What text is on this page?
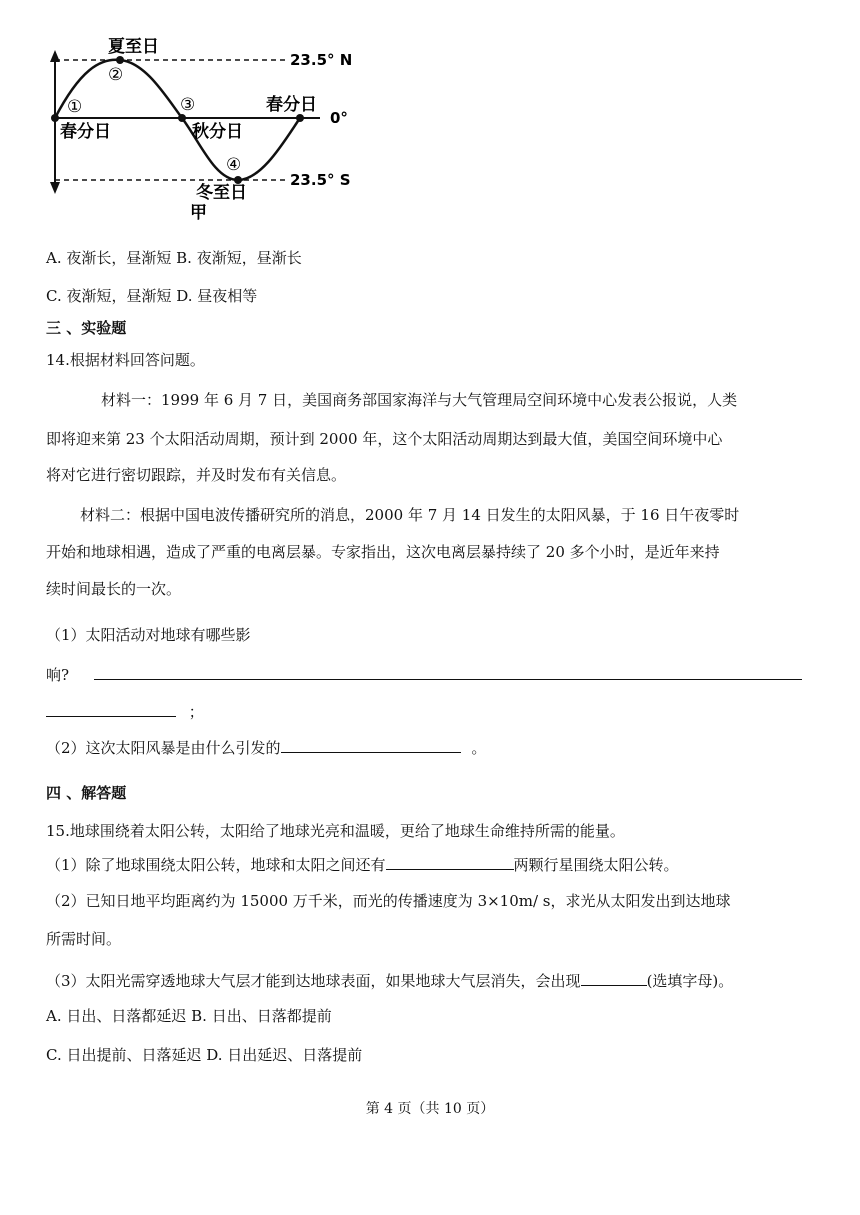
夏至日
23.5° N
0°
23.5° S
①
②
③
④
春分日	秋分日
春分日
冬至日
甲
A. 夜渐长，昼渐短 B. 夜渐短，昼渐长
C. 夜渐短，昼渐短 D. 昼夜相等
三 、实验题
14.根据材料回答问题。
材料一：1999 年 6 月 7 日，美国商务部国家海洋与大气管理局空间环境中心发表公报说，人类
即将迎来第 23 个太阳活动周期，预计到 2000 年，这个太阳活动周期达到最大值，美国空间环境中心
将对它进行密切跟踪，并及时发布有关信息。
材料二：根据中国电波传播研究所的消息，2000 年 7 月 14 日发生的太阳风暴，于 16 日午夜零时
开始和地球相遇，造成了严重的电离层暴。专家指出，这次电离层暴持续了 20 多个小时，是近年来持
续时间最长的一次。
（1）太阳活动对地球有哪些影
响?
；
（2）这次太阳风暴是由什么引发的	。
四 、解答题
15.地球围绕着太阳公转，太阳给了地球光亮和温暖，更给了地球生命维持所需的能量。
（1）除了地球围绕太阳公转，地球和太阳之间还有	两颗行星围绕太阳公转。
（2）已知日地平均距离约为 15000 万千米，而光的传播速度为 3×10m/ s，求光从太阳发出到达地球
所需时间。
（3）太阳光需穿透地球大气层才能到达地球表面，如果地球大气层消失，会出现	(选填字母)。
A. 日出、日落都延迟 B. 日出、日落都提前
C. 日出提前、日落延迟 D. 日出延迟、日落提前
第 4 页（共 10 页）
